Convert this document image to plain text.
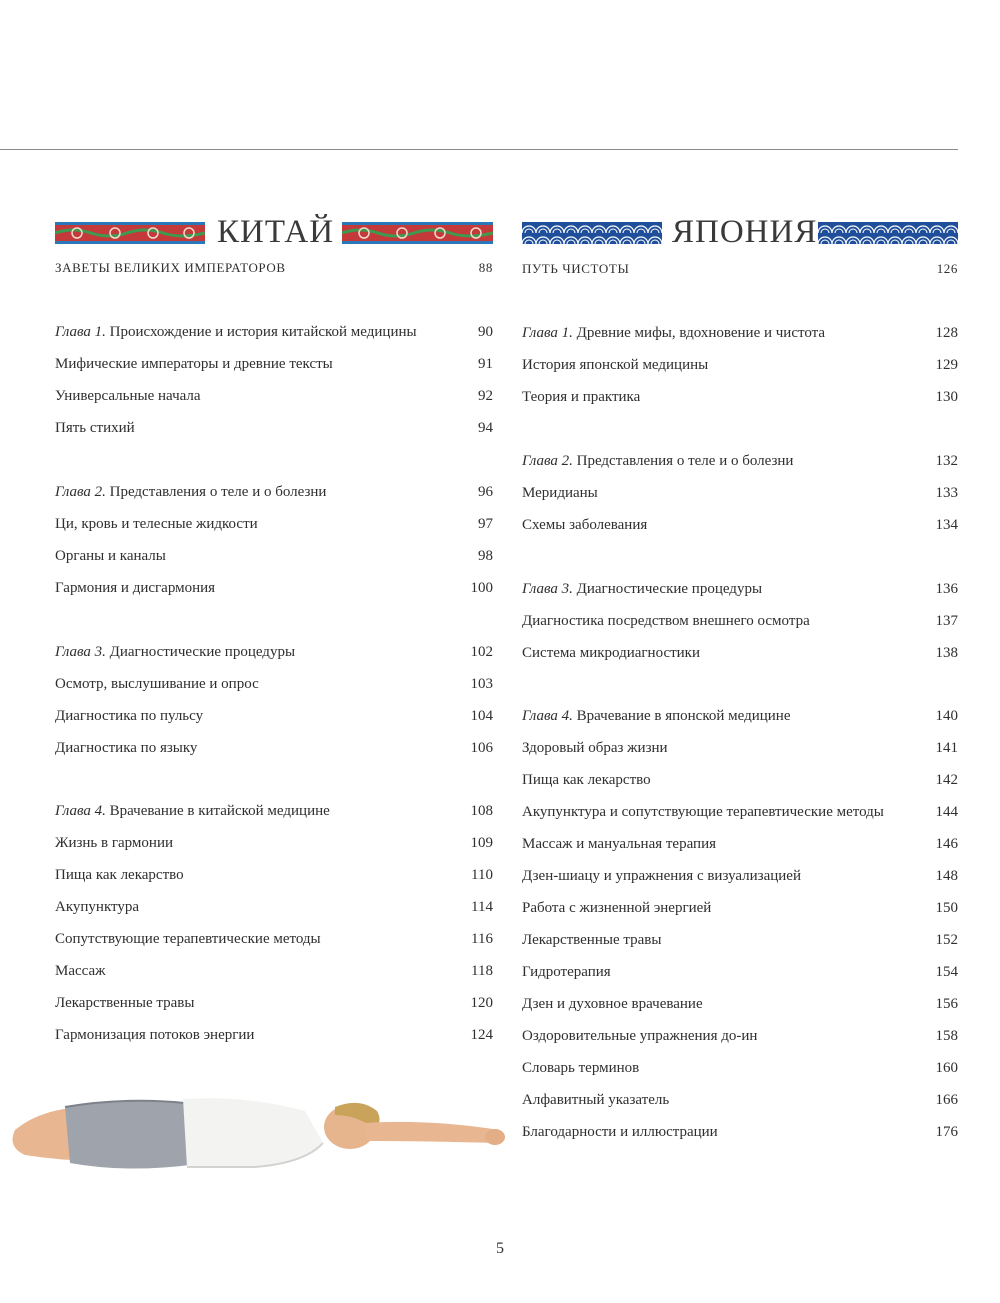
КИТАЙ
ЗАВЕТЫ ВЕЛИКИХ ИМПЕРАТОРОВ	88
Глава 1. Происхождение и история китайской медицины	90
Мифические императоры и древние тексты	91
Универсальные начала	92
Пять стихий	94
Глава 2. Представления о теле и о болезни	96
Ци, кровь и телесные жидкости	97
Органы и каналы	98
Гармония и дисгармония	100
Глава 3. Диагностические процедуры	102
Осмотр, выслушивание и опрос	103
Диагностика по пульсу	104
Диагностика по языку	106
Глава 4. Врачевание в китайской медицине	108
Жизнь в гармонии	109
Пища как лекарство	110
Акупунктура	114
Сопутствующие терапевтические методы	116
Массаж	118
Лекарственные травы	120
Гармонизация потоков энергии	124
ЯПОНИЯ
ПУТЬ ЧИСТОТЫ	126
Глава 1. Древние мифы, вдохновение и чистота	128
История японской медицины	129
Теория и практика	130
Глава 2. Представления о теле и о болезни	132
Меридианы	133
Схемы заболевания	134
Глава 3. Диагностические процедуры	136
Диагностика посредством внешнего осмотра	137
Система микродиагностики	138
Глава 4. Врачевание в японской медицине	140
Здоровый образ жизни	141
Пища как лекарство	142
Акупунктура и сопутствующие терапевтические методы	144
Массаж и мануальная терапия	146
Дзен-шиацу и упражнения с визуализацией	148
Работа с жизненной энергией	150
Лекарственные травы	152
Гидротерапия	154
Дзен и духовное врачевание	156
Оздоровительные упражнения до-ин	158
Словарь терминов	160
Алфавитный указатель	166
Благодарности и иллюстрации	176
5
